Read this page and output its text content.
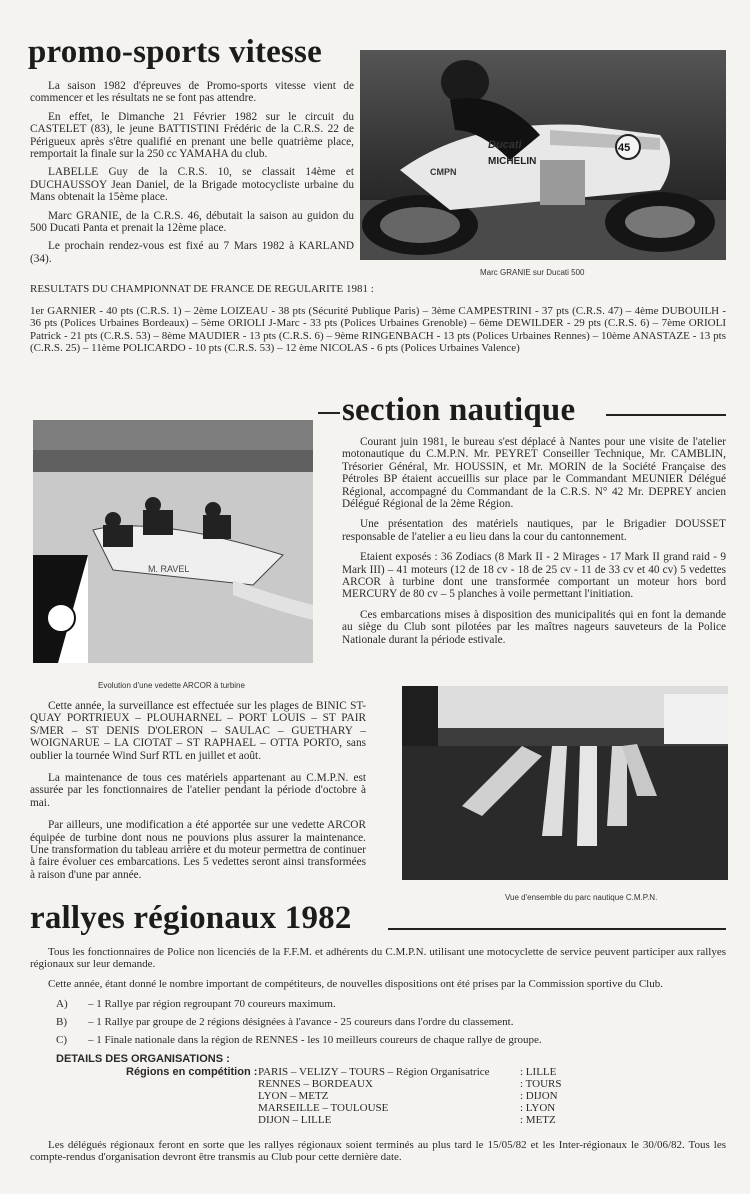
promo-sports vitesse

La saison 1982 d'épreuves de Promo-sports vitesse vient de commencer et les résultats ne se font pas attendre.

En effet, le Dimanche 21 Février 1982 sur le circuit du CASTELET (83), le jeune BATTISTINI Frédéric de la C.R.S. 22 de Périgueux après s'être qualifié en prenant une belle quatrième place, remportait la finale sur la 250 cc YAMAHA du club.

LABELLE Guy de la C.R.S. 10, se classait 14ème et DUCHAUSSOY Jean Daniel, de la Brigade motocycliste urbaine du Mans obtenait la 15ème place.

Marc GRANIE, de la C.R.S. 46, débutait la saison au guidon du 500 Ducati Panta et prenait la 12ème place.

Le prochain rendez-vous est fixé au 7 Mars 1982 à KARLAND (34).

CMPN
Ducati
MICHELIN
45
Marc GRANIE sur Ducati 500
RESULTATS DU CHAMPIONNAT DE FRANCE DE REGULARITE 1981 :
1er GARNIER - 40 pts (C.R.S. 1) – 2ème LOIZEAU - 38 pts (Sécurité Publique Paris) – 3ème CAMPESTRINI - 37 pts (C.R.S. 47) – 4ème DUBOUILH - 36 pts (Polices Urbaines Bordeaux) – 5ème ORIOLI J-Marc - 33 pts (Polices Urbaines Grenoble) – 6ème DEWILDER - 29 pts (C.R.S. 6) – 7ème ORIOLI Patrick - 21 pts (C.R.S. 53) – 8ème MAUDIER - 13 pts (C.R.S. 6) – 9ème RINGENBACH - 13 pts (Polices Urbaines Rennes) – 10ème ANASTAZE - 13 pts (C.R.S. 25) – 11ème POLICARDO - 10 pts (C.R.S. 53) – 12 ème NICOLAS - 6 pts (Polices Urbaines Valence)
M. RAVEL
Evolution d'une vedette ARCOR à turbine
section nautique

Courant juin 1981, le bureau s'est déplacé à Nantes pour une visite de l'atelier motonautique du C.M.P.N. Mr. PEYRET Conseiller Technique, Mr. CAMBLIN, Trésorier Général, Mr. HOUSSIN, et Mr. MORIN de la Société Française des Pétroles BP étaient accueillis sur place par le Commandant MEUNIER Délégué Régional, accompagné du Commandant de la C.R.S. N° 42 Mr. DEPREY ancien Délégué Régional de la 2ème Région.

Une présentation des matériels nautiques, par le Brigadier DOUSSET responsable de l'atelier a eu lieu dans la cour du cantonnement.

Etaient exposés : 36 Zodiacs (8 Mark II - 2 Mirages - 17 Mark II grand raid - 9 Mark III) – 41 moteurs (12 de 18 cv - 18 de 25 cv - 11 de 33 cv et 40 cv) 5 vedettes ARCOR à turbine dont une transformée comportant un moteur hors bord MERCURY de 80 cv – 5 planches à voile permettant l'initiation.

Ces embarcations mises à disposition des municipalités qui en font la demande au siège du Club sont pilotées par les maîtres nageurs sauveteurs de la Police Nationale durant la période estivale.

Cette année, la surveillance est effectuée sur les plages de BINIC ST-QUAY PORTRIEUX – PLOUHARNEL – PORT LOUIS – ST PAIR S/MER – ST DENIS D'OLERON – SAULAC – GUETHARY – WOIGNARUE – LA CIOTAT – ST RAPHAEL – OTTA PORTO, sans oublier la tournée Wind Surf RTL en juillet et août.

La maintenance de tous ces matériels appartenant au C.M.P.N. est assurée par les fonctionnaires de l'atelier pendant la période d'octobre à mai.

Par ailleurs, une modification a été apportée sur une vedette ARCOR équipée de turbine dont nous ne pouvions plus assurer la maintenance. Une transformation du tableau arrière et du moteur permettra de continuer à faire évoluer ces embarcations. Les 5 vedettes seront ainsi transformées à raison d'une par année.

Vue d'ensemble du parc nautique C.M.P.N.
rallyes régionaux 1982

Tous les fonctionnaires de Police non licenciés de la F.F.M. et adhérents du C.M.P.N. utilisant une motocyclette de service peuvent participer aux rallyes régionaux sur leur demande.

Cette année, étant donné le nombre important de compétiteurs, de nouvelles dispositions ont été prises par la Commission sportive du Club.

A) – 1 Rallye par région regroupant 70 coureurs maximum.
B) – 1 Rallye par groupe de 2 régions désignées à l'avance - 25 coureurs dans l'ordre du classement.
C) – 1 Finale nationale dans la région de RENNES - les 10 meilleurs coureurs de chaque rallye de groupe.
DETAILS DES ORGANISATIONS :
Régions en compétition : PARIS – VELIZY – TOURS – Région Organisatrice	: LILLE
RENNES – BORDEAUX	: TOURS
LYON – METZ	: DIJON
MARSEILLE – TOULOUSE	: LYON
DIJON – LILLE	: METZ
Les délégués régionaux feront en sorte que les rallyes régionaux soient terminés au plus tard le 15/05/82 et les Inter-régionaux le 30/06/82. Tous les compte-rendus d'organisation devront être transmis au Club pour cette dernière date.
